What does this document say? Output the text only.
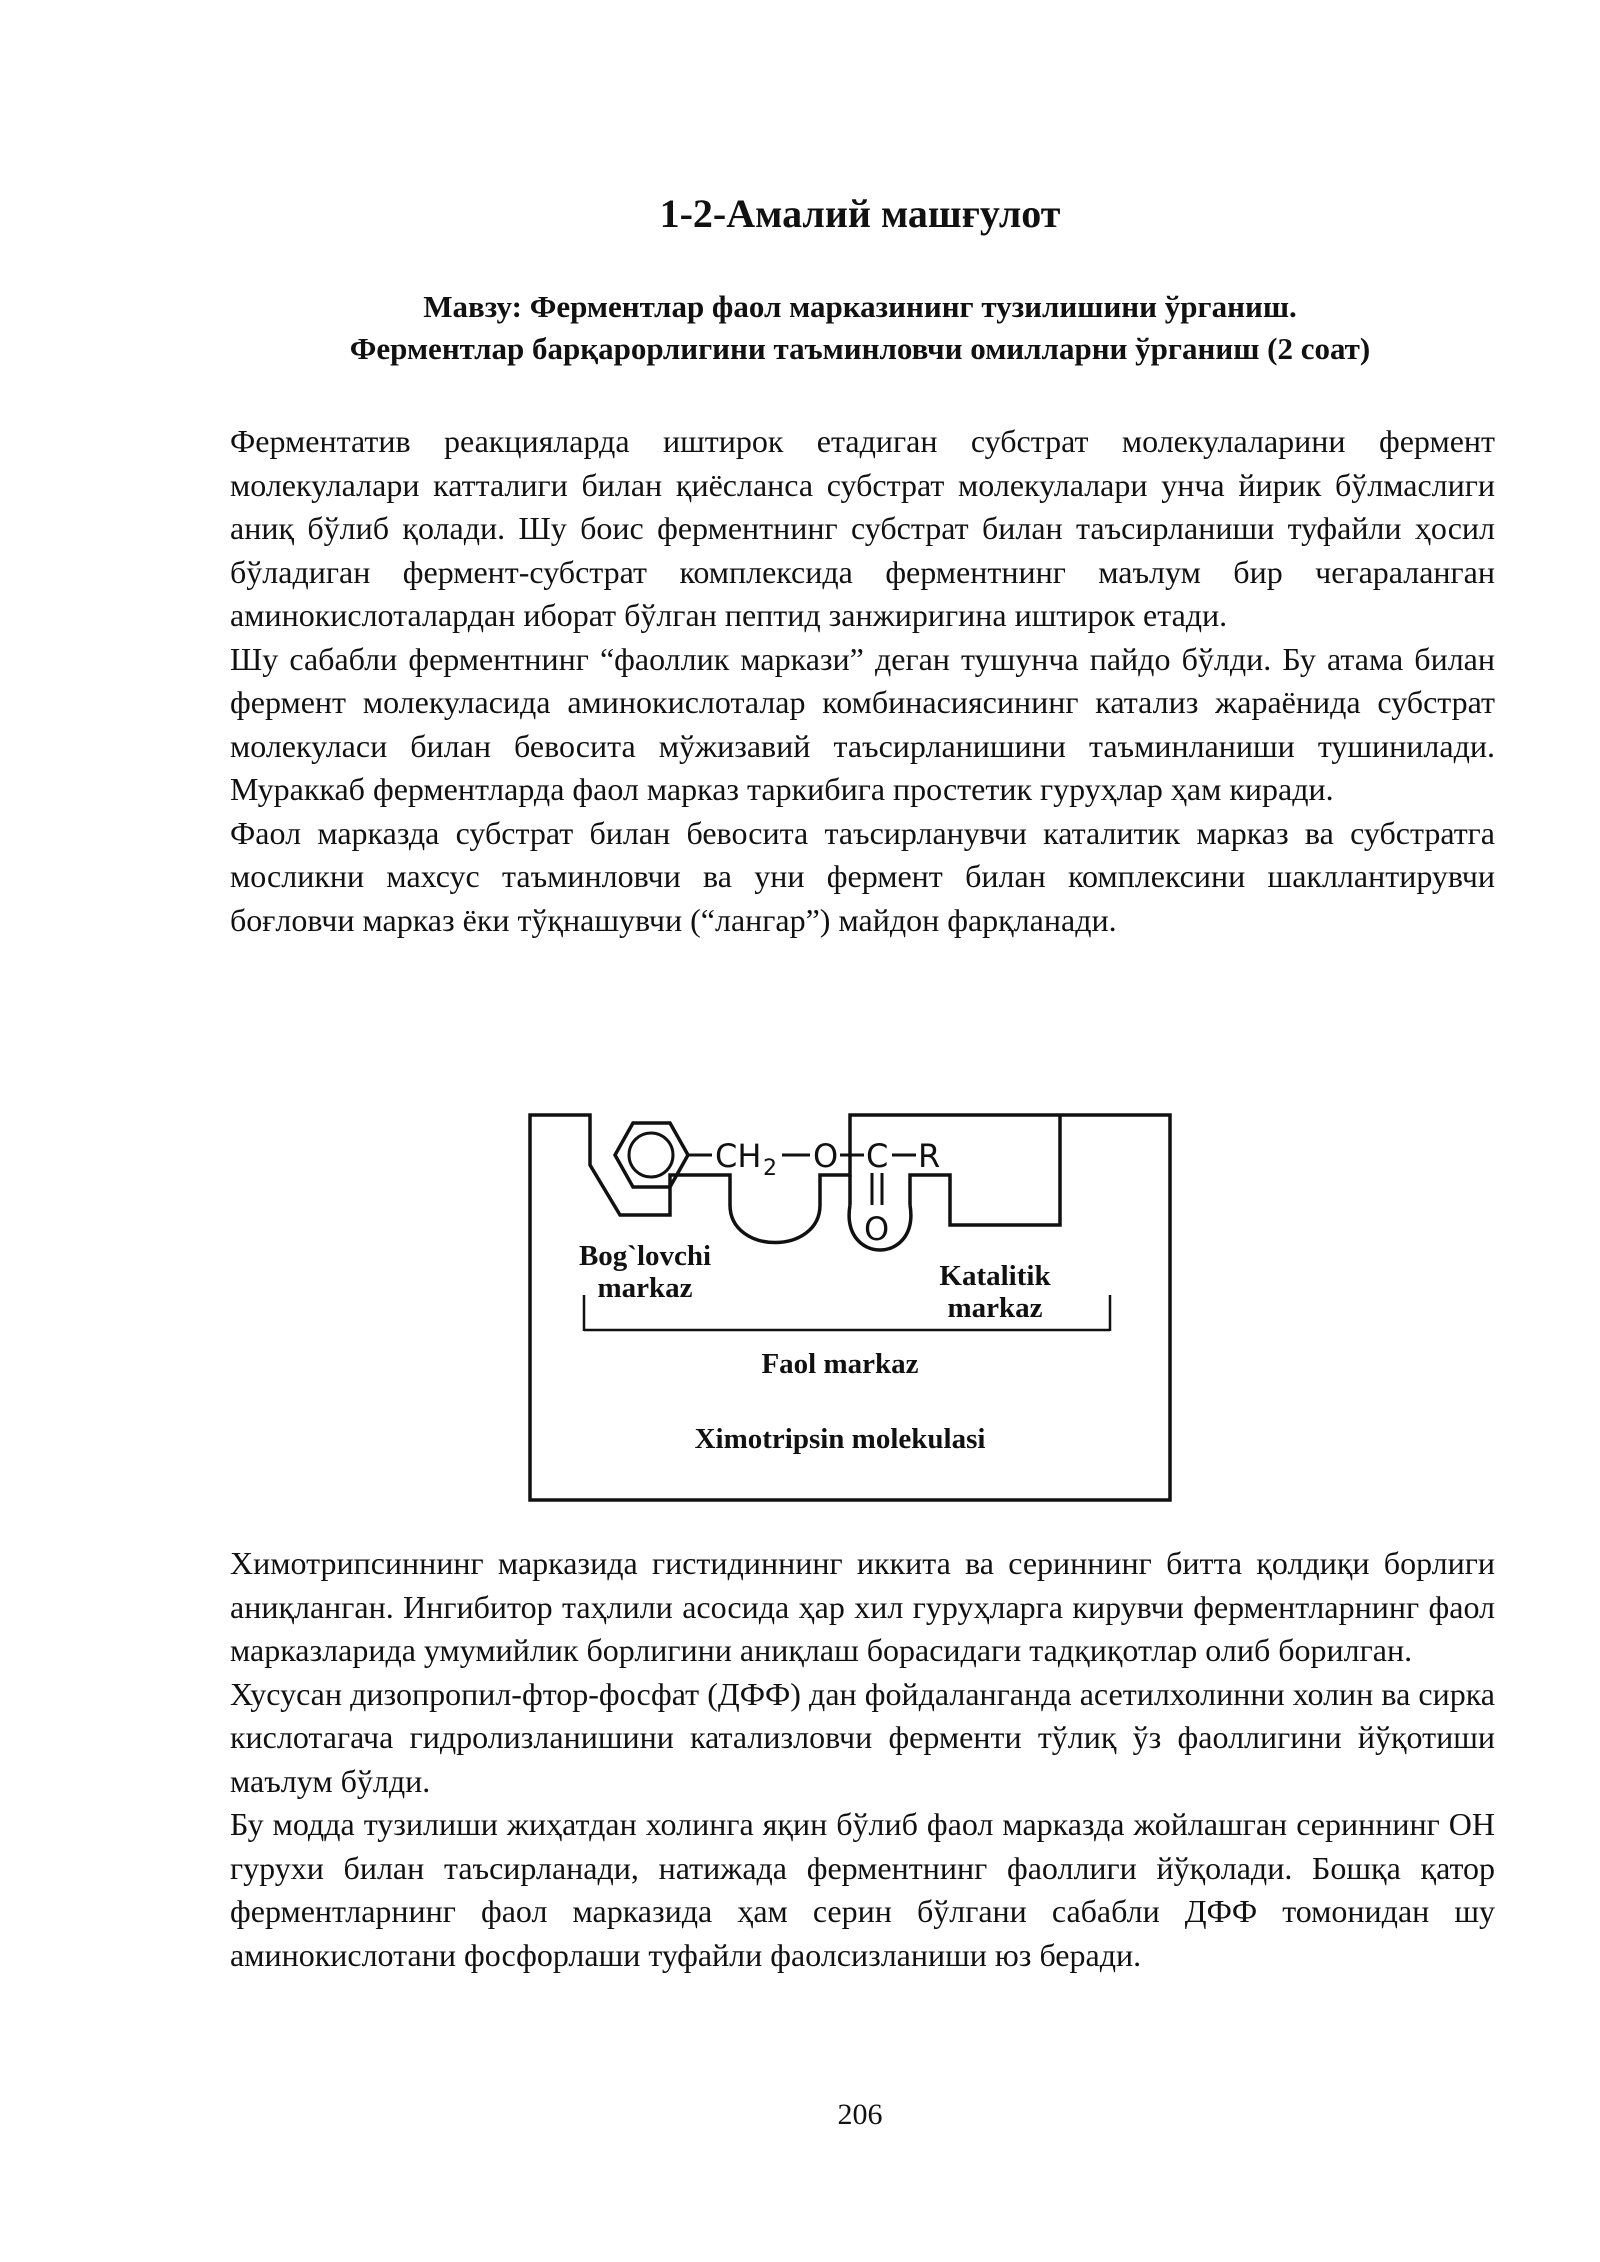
1-2-Амалий машғулот
Мавзу: Ферментлар фаол марказининг тузилишини ўрганиш.
Ферментлар барқарорлигини таъминловчи омилларни ўрганиш (2 соат)

Ферментатив реакцияларда иштирок етадиган субстрат молекулаларини фермент молекулалари катталиги билан қиёсланса субстрат молекулалари унча йирик бўлмаслиги аниқ бўлиб қолади. Шу боис ферментнинг субстрат билан таъсирланиши туфайли ҳосил бўладиган фермент-субстрат комплексида ферментнинг маълум бир чегараланган аминокислоталардан иборат бўлган пептид занжиригина иштирок етади.

Шу сабабли ферментнинг “фаоллик маркази” деган тушунча пайдо бўлди. Бу атама билан фермент молекуласида аминокислоталар комбинасиясининг катализ жараёнида субстрат молекуласи билан бевосита мўжизавий таъсирланишини таъминланиши тушинилади. Мураккаб ферментларда фаол марказ таркибига простетик гуруҳлар ҳам киради.

Фаол марказда субстрат билан бевосита таъсирланувчи каталитик марказ ва субстратга мосликни махсус таъминловчи ва уни фермент билан комплексини шакллантирувчи боғловчи марказ ёки тўқнашувчи (“лангар”) майдон фарқланади.

CH 2 O C R
O
Bog`lovchi
markaz	Katalitik
markaz
Faol markaz
Ximotripsin molekulasi

Химотрипсиннинг марказида гистидиннинг иккита ва сериннинг битта қолдиқи борлиги аниқланган. Ингибитор таҳлили асосида ҳар хил гуруҳларга кирувчи ферментларнинг фаол марказларида умумийлик борлигини аниқлаш борасидаги тадқиқотлар олиб борилган.

Хусусан дизопропил-фтор-фосфат (ДФФ) дан фойдаланганда асетилхолинни холин ва сирка кислотагача гидролизланишини катализловчи ферменти тўлиқ ўз фаоллигини йўқотиши маълум бўлди.

Бу модда тузилиши жиҳатдан холинга яқин бўлиб фаол марказда жойлашган сериннинг ОН гурухи билан таъсирланади, натижада ферментнинг фаоллиги йўқолади. Бошқа қатор ферментларнинг фаол марказида ҳам серин бўлгани сабабли ДФФ томонидан шу аминокислотани фосфорлаши туфайли фаолсизланиши юз беради.

206
